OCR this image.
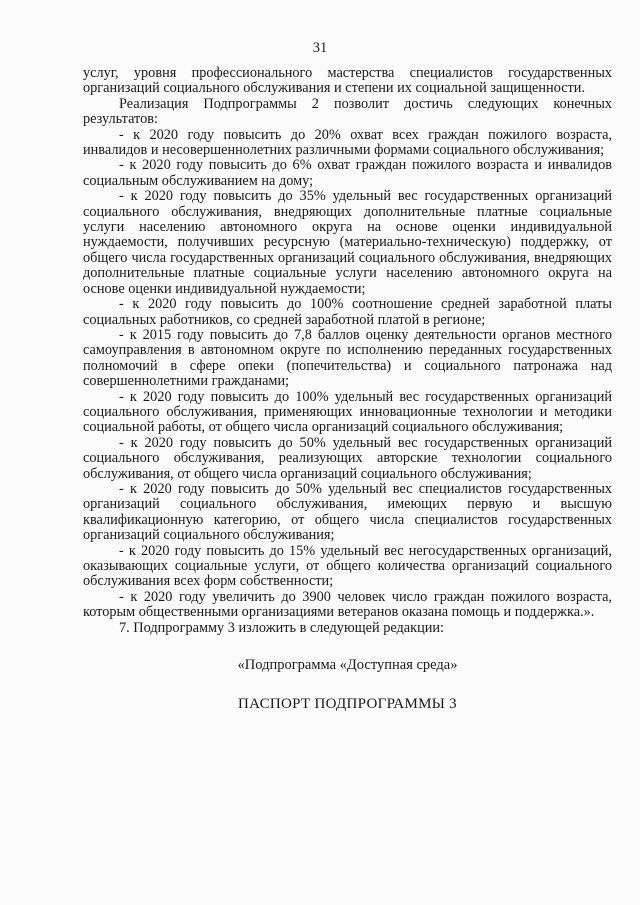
31

услуг, уровня профессионального мастерства специалистов государственных организаций социального обслуживания и степени их социальной защищенности.

Реализация Подпрограммы 2 позволит достичь следующих конечных результатов:

- к 2020 году повысить до 20% охват всех граждан пожилого возраста, инвалидов и несовершеннолетних различными формами социального обслуживания;

- к 2020 году повысить до 6% охват граждан пожилого возраста и инвалидов социальным обслуживанием на дому;

- к 2020 году повысить до 35% удельный вес государственных организаций социального обслуживания, внедряющих дополнительные платные социальные услуги населению автономного округа на основе оценки индивидуальной нуждаемости, получивших ресурсную (материально-техническую) поддержку, от общего числа государственных организаций социального обслуживания, внедряющих дополнительные платные социальные услуги населению автономного округа на основе оценки индивидуальной нуждаемости;

- к 2020 году повысить до 100% соотношение средней заработной платы социальных работников, со средней заработной платой в регионе;

- к 2015 году повысить до 7,8 баллов оценку деятельности органов местного самоуправления в автономном округе по исполнению переданных государственных полномочий в сфере опеки (попечительства) и социального патронажа над совершеннолетними гражданами;

- к 2020 году повысить до 100% удельный вес государственных организаций социального обслуживания, применяющих инновационные технологии и методики социальной работы, от общего числа организаций социального обслуживания;

- к 2020 году повысить до 50% удельный вес государственных организаций социального обслуживания, реализующих авторские технологии социального обслуживания, от общего числа организаций социального обслуживания;

- к 2020 году повысить до 50% удельный вес специалистов государственных организаций социального обслуживания, имеющих первую и высшую квалификационную категорию, от общего числа специалистов государственных организаций социального обслуживания;

- к 2020 году повысить до 15% удельный вес негосударственных организаций, оказывающих социальные услуги, от общего количества организаций социального обслуживания всех форм собственности;

- к 2020 году увеличить до 3900 человек число граждан пожилого возраста, которым общественными организациями ветеранов оказана помощь и поддержка.».

7. Подпрограмму 3 изложить в следующей редакции:

«Подпрограмма «Доступная среда»

ПАСПОРТ ПОДПРОГРАММЫ 3
